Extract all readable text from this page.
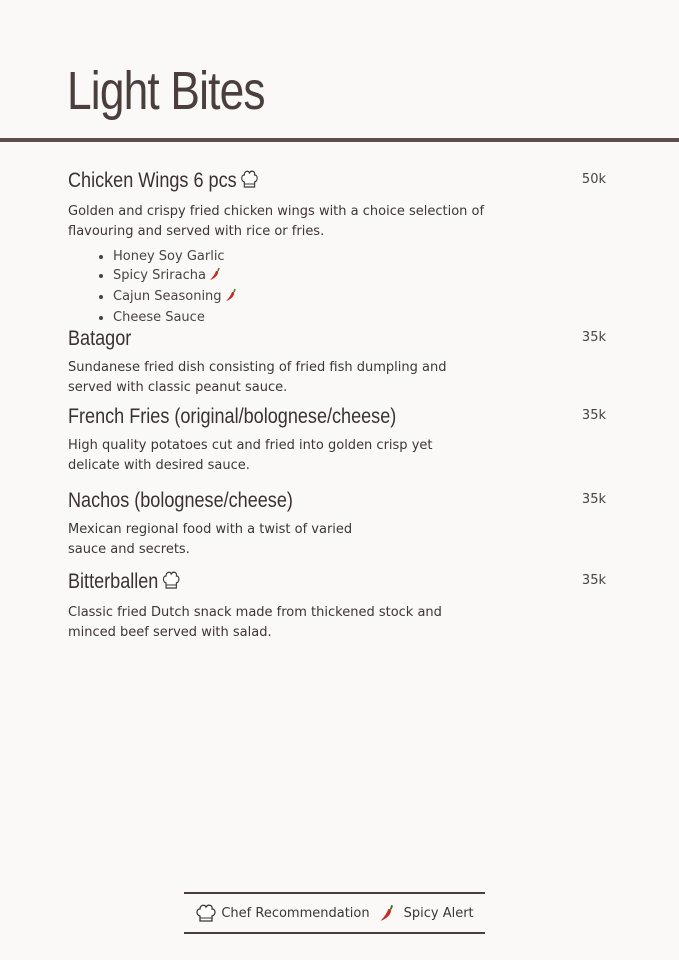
Light Bites
Chicken Wings 6 pcs	50k
Golden and crispy fried chicken wings with a choice selection of flavouring and served with rice or fries.
• Honey Soy Garlic
• Spicy Sriracha
• Cajun Seasoning
• Cheese Sauce
Batagor	35k
Sundanese fried dish consisting of fried fish dumpling and served with classic peanut sauce.
French Fries (original/bolognese/cheese)	35k
High quality potatoes cut and fried into golden crisp yet delicate with desired sauce.
Nachos (bolognese/cheese)	35k
Mexican regional food with a twist of varied
sauce and secrets.
Bitterballen	35k
Classic fried Dutch snack made from thickened stock and minced beef served with salad.
Chef Recommendation	Spicy Alert
